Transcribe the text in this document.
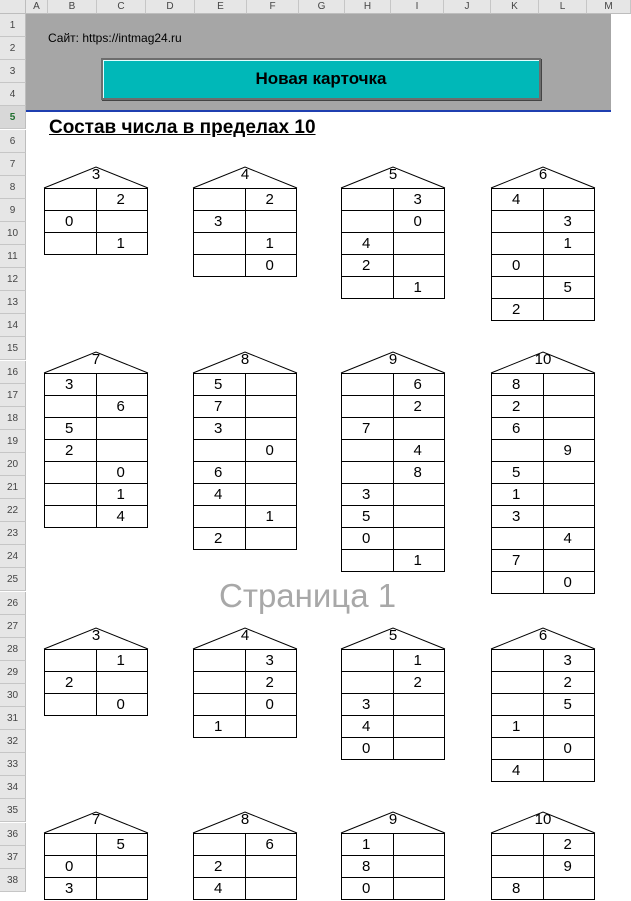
A	B	C	D	E	F	G	H	I	J	K	L	M
1
2
3
4
5
6
7
8
9
10
11
12
13
14
15
16
17
18
19
20
21
22
23
24
25
26
27
28
29
30
31
32
33
34
35
36
37
38
Сайт: https://intmag24.ru
Новая карточка
Состав числа в пределах 10
Страница 1
3
	2
0	
	1
4
	2
3	
	1
	0
5
	3
	0
4	
2	
	1
6
4	
	3
	1
0	
	5
2	
7
3	
	6
5	
2	
	0
	1
	4
8
5	
7	
3	
	0
6	
4	
	1
2	
9
	6
	2
7	
	4
	8
3	
5	
0	
	1
10
8	
2	
6	
	9
5	
1	
3	
	4
7	
	0
3
	1
2	
	0
4
	3
	2
	0
1	
5
	1
	2
3	
4	
0	
6
	3
	2
	5
1	
	0
4	
7
	5
0	
3	
8
	6
2	
4	
9
1	
8	
0	
10
	2
	9
8	
